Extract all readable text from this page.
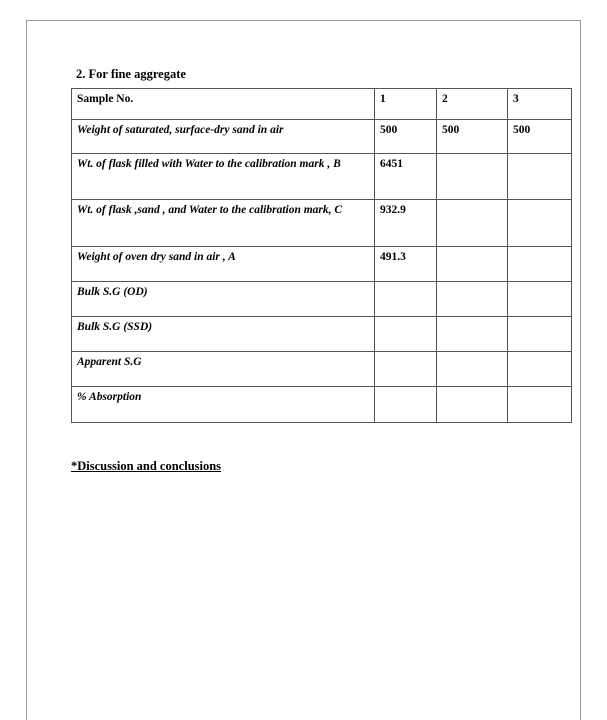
2. For fine aggregate

Sample No.	1	2	3
Weight of saturated, surface-dry sand in air	500	500	500
Wt. of flask filled with Water to the calibration mark , B	6451		
Wt. of flask ,sand , and Water to the calibration mark, C	932.9		
Weight of oven dry sand in air , A	491.3		
Bulk S.G (OD)			
Bulk S.G (SSD)			
Apparent S.G			
% Absorption			

*Discussion and conclusions
